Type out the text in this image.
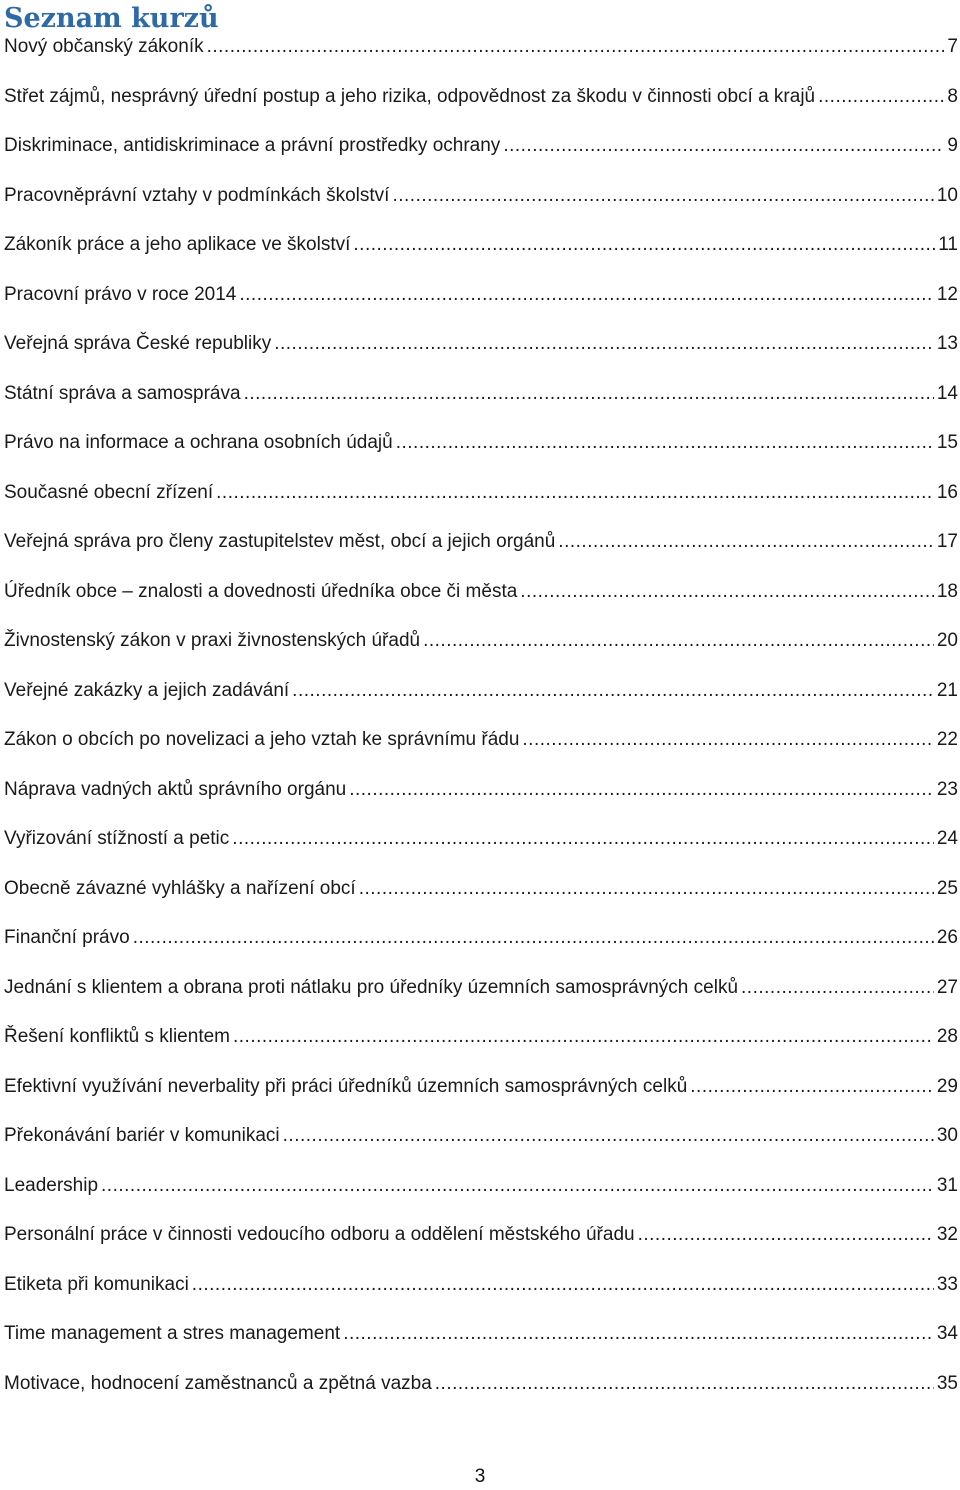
Seznam kurzů
Nový občanský zákoník .....	7
Střet zájmů, nesprávný úřední postup a jeho rizika, odpovědnost za škodu v činnosti obcí a krajů .....	8
Diskriminace, antidiskriminace a právní prostředky ochrany .....	9
Pracovněprávní vztahy v podmínkách školství .....	10
Zákoník práce a jeho aplikace ve školství .....	11
Pracovní právo v roce 2014 .....	12
Veřejná správa České republiky .....	13
Státní správa a samospráva .....	14
Právo na informace a ochrana osobních údajů .....	15
Současné obecní zřízení .....	16
Veřejná správa pro členy zastupitelstev měst, obcí a jejich orgánů .....	17
Úředník obce – znalosti a dovednosti úředníka obce či města .....	18
Živnostenský zákon v praxi živnostenských úřadů .....	20
Veřejné zakázky a jejich zadávání .....	21
Zákon o obcích po novelizaci a jeho vztah ke správnímu řádu .....	22
Náprava vadných aktů správního orgánu .....	23
Vyřizování stížností a petic .....	24
Obecně závazné vyhlášky a nařízení obcí .....	25
Finanční právo .....	26
Jednání s klientem a obrana proti nátlaku pro úředníky územních samosprávných celků .....	27
Řešení konfliktů s klientem .....	28
Efektivní využívání neverbality při práci úředníků územních samosprávných celků .....	29
Překonávání bariér v komunikaci .....	30
Leadership .....	31
Personální práce v činnosti vedoucího odboru a oddělení městského úřadu .....	32
Etiketa při komunikaci .....	33
Time management a stres management .....	34
Motivace, hodnocení zaměstnanců a zpětná vazba .....	35
3
